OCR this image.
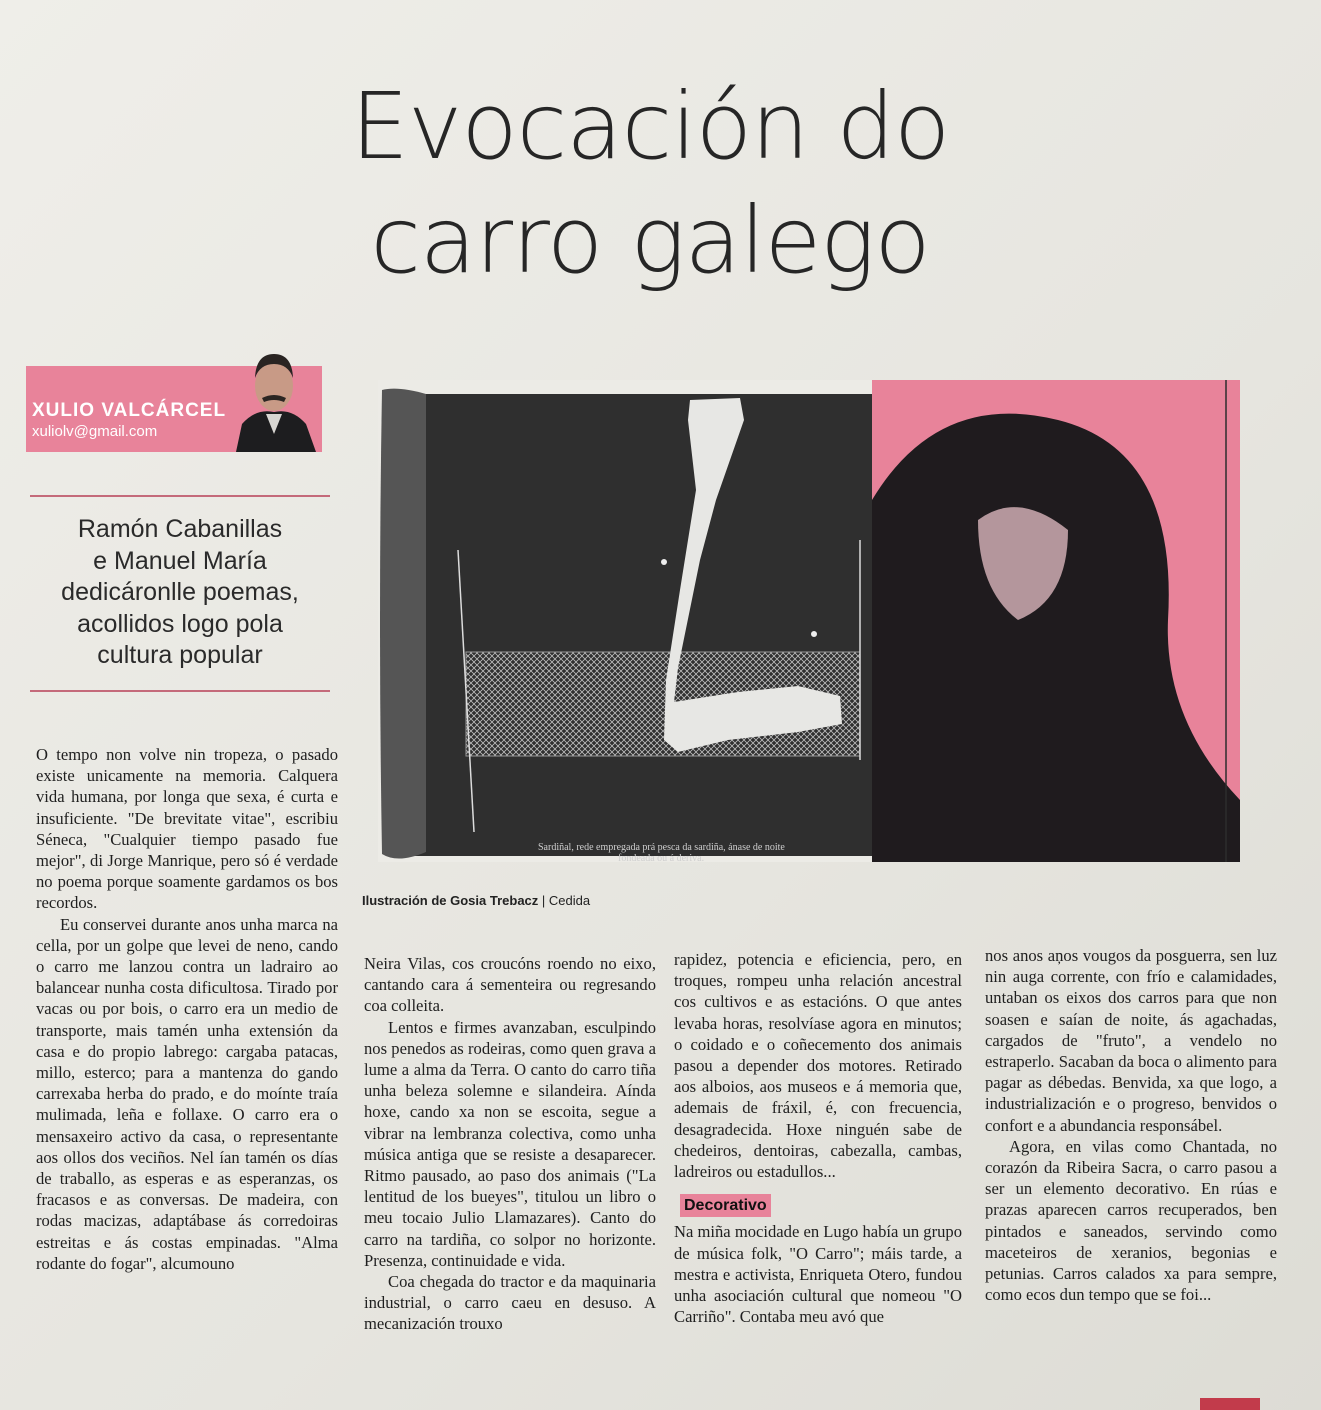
Evocación do
carro galego
XULIO VALCÁRCEL
xuliolv@gmail.com
Ramón Cabanillas
e Manuel María
dedicáronlle poemas,
acollidos logo pola
cultura popular
Sardiñal, rede empregada prá pesca da sardiña, ánase de noite
fondeada ou á deriva.
Ilustración de Gosia Trebacz | Cedida

O tempo non volve nin tropeza, o pasado existe unicamente na memoria. Calquera vida humana, por longa que sexa, é curta e insuficiente. "De brevitate vitae", escribiu Séneca, "Cualquier tiempo pasado fue mejor", di Jorge Manrique, pero só é verdade no poema porque soamente gardamos os bos recordos.

Eu conservei durante anos unha marca na cella, por un golpe que levei de neno, cando o carro me lanzou contra un ladrairo ao balancear nunha costa dificultosa. Tirado por vacas ou por bois, o carro era un medio de transporte, mais tamén unha extensión da casa e do propio labrego: cargaba patacas, millo, esterco; para a mantenza do gando carrexaba herba do prado, e do moínte traía mulimada, leña e follaxe. O carro era o mensaxeiro activo da casa, o representante aos ollos dos veciños. Nel ían tamén os días de traballo, as esperas e as esperanzas, os fracasos e as conversas. De madeira, con rodas macizas, adaptábase ás corredoiras estreitas e ás costas empinadas. "Alma rodante do fogar", alcumouno

Neira Vilas, cos croucóns roendo no eixo, cantando cara á sementeira ou regresando coa colleita.

Lentos e firmes avanzaban, esculpindo nos penedos as rodeiras, como quen grava a lume a alma da Terra. O canto do carro tiña unha beleza solemne e silandeira. Aínda hoxe, cando xa non se escoita, segue a vibrar na lembranza colectiva, como unha música antiga que se resiste a desaparecer. Ritmo pausado, ao paso dos animais ("La lentitud de los bueyes", titulou un libro o meu tocaio Julio Llamazares). Canto do carro na tardiña, co solpor no horizonte. Presenza, continuidade e vida.

Coa chegada do tractor e da maquinaria industrial, o carro caeu en desuso. A mecanización trouxo

rapidez, potencia e eficiencia, pero, en troques, rompeu unha relación ancestral cos cultivos e as estacións. O que antes levaba horas, resolvíase agora en minutos; o coidado e o coñecemento dos animais pasou a depender dos motores. Retirado aos alboios, aos museos e á memoria que, ademais de fráxil, é, con frecuencia, desagradecida. Hoxe ninguén sabe de chedeiros, dentoiras, cabezalla, cambas, ladreiros ou estadullos...

Decorativo

Na miña mocidade en Lugo había un grupo de música folk, "O Carro"; máis tarde, a mestra e activista, Enriqueta Otero, fundou unha asociación cultural que nomeou "O Carriño". Contaba meu avó que

nos anos aņos vougos da posguerra, sen luz nin auga corrente, con frío e calamidades, untaban os eixos dos carros para que non soasen e saían de noite, ás agachadas, cargados de "fruto", a vendelo no estraperlo. Sacaban da boca o alimento para pagar as débedas. Benvida, xa que logo, a industrialización e o progreso, benvidos o confort e a abundancia responsábel.

Agora, en vilas como Chantada, no corazón da Ribeira Sacra, o carro pasou a ser un elemento decorativo. En rúas e prazas aparecen carros recuperados, ben pintados e saneados, servindo como maceteiros de xeranios, begonias e petunias. Carros calados xa para sempre, como ecos dun tempo que se foi...
